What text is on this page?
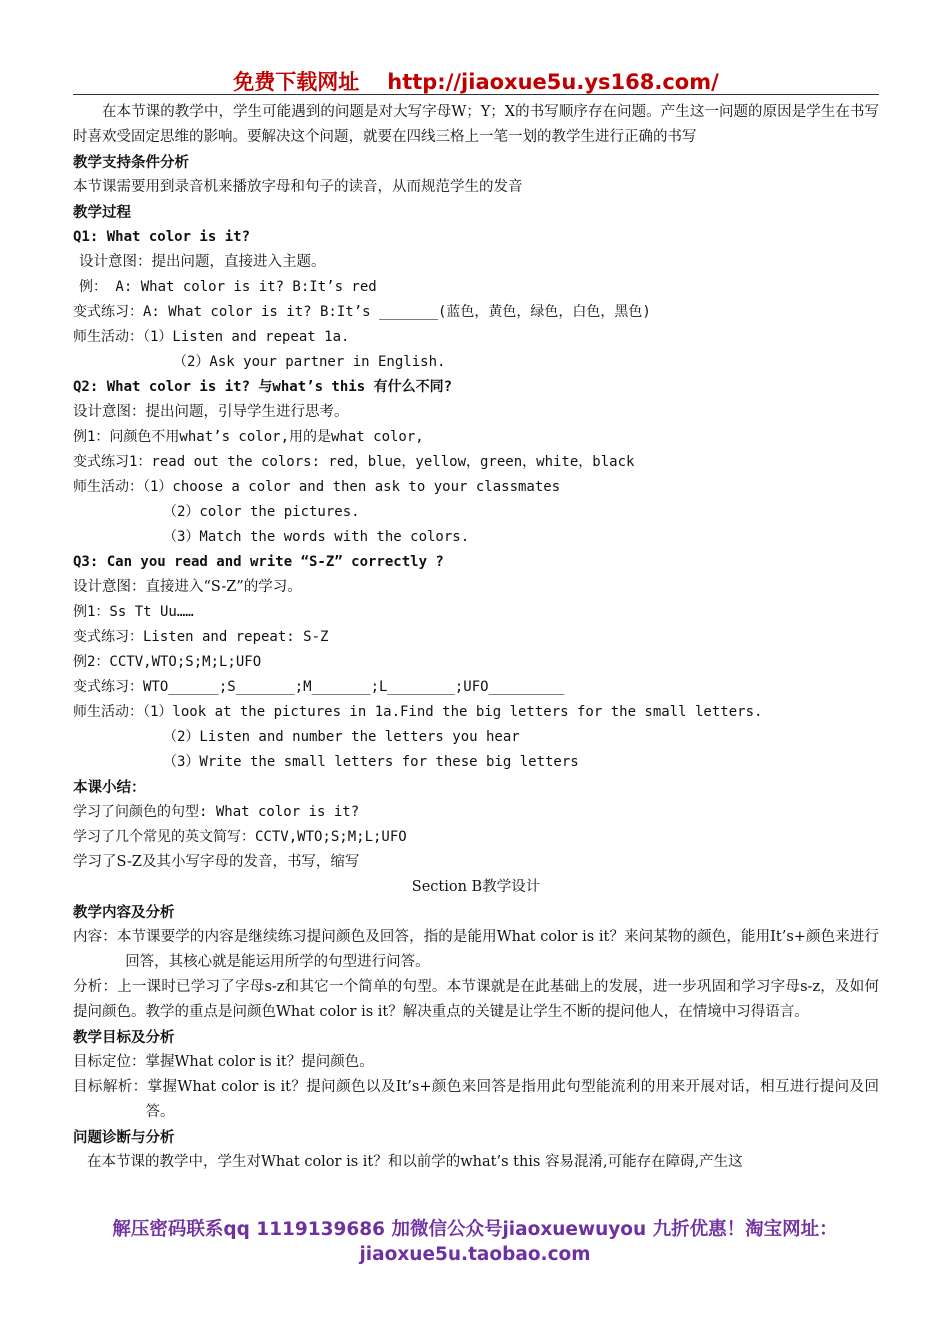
免费下载网址 http://jiaoxue5u.ys168.com/

在本节课的教学中，学生可能遇到的问题是对大写字母W；Y；X的书写顺序存在问题。产生这一问题的原因是学生在书写时喜欢受固定思维的影响。要解决这个问题，就要在四线三格上一笔一划的教学生进行正确的书写

教学支持条件分析

本节课需要用到录音机来播放字母和句子的读音，从而规范学生的发音

教学过程

Q1: What color is it?

设计意图：提出问题，直接进入主题。

例： A: What color is it? B:It’s red

变式练习：A: What color is it? B:It’s _______(蓝色，黄色，绿色，白色，黑色)

师生活动：（1）Listen and repeat 1a.

（2）Ask your partner in English.

Q2: What color is it? 与what’s this 有什么不同?

设计意图：提出问题，引导学生进行思考。

例1：问颜色不用what’s color,用的是what color,

变式练习1：read out the colors: red，blue，yellow，green，white，black

师生活动：（1）choose a color and then ask to your classmates

（2）color the pictures.

（3）Match the words with the colors.

Q3: Can you read and write “S-Z” correctly ?

设计意图：直接进入“S-Z”的学习。

例1：Ss Tt Uu……

变式练习：Listen and repeat: S-Z

例2：CCTV,WTO;S;M;L;UFO

变式练习：WTO______;S_______;M_______;L________;UFO_________

师生活动：（1）look at the pictures in 1a.Find the big letters for the small letters.

（2）Listen and number the letters you hear

（3）Write the small letters for these big letters

本课小结：

学习了问颜色的句型: What color is it?

学习了几个常见的英文简写：CCTV,WTO;S;M;L;UFO

学习了S-Z及其小写字母的发音，书写，缩写

Section B教学设计

教学内容及分析

内容：本节课要学的内容是继续练习提问颜色及回答，指的是能用What color is it？来问某物的颜色，能用It’s+颜色来进行回答，其核心就是能运用所学的句型进行问答。

分析：上一课时已学习了字母s-z和其它一个简单的句型。本节课就是在此基础上的发展，进一步巩固和学习字母s-z，及如何提问颜色。教学的重点是问颜色What color is it？解决重点的关键是让学生不断的提问他人，在情境中习得语言。

教学目标及分析

目标定位：掌握What color is it？提问颜色。

目标解析：掌握What color is it？提问颜色以及It’s+颜色来回答是指用此句型能流利的用来开展对话，相互进行提问及回答。

问题诊断与分析

在本节课的教学中，学生对What color is it？和以前学的what’s this 容易混淆,可能存在障碍,产生这

解压密码联系qq 1119139686 加微信公众号jiaoxuewuyou 九折优惠！淘宝网址：
jiaoxue5u.taobao.com
